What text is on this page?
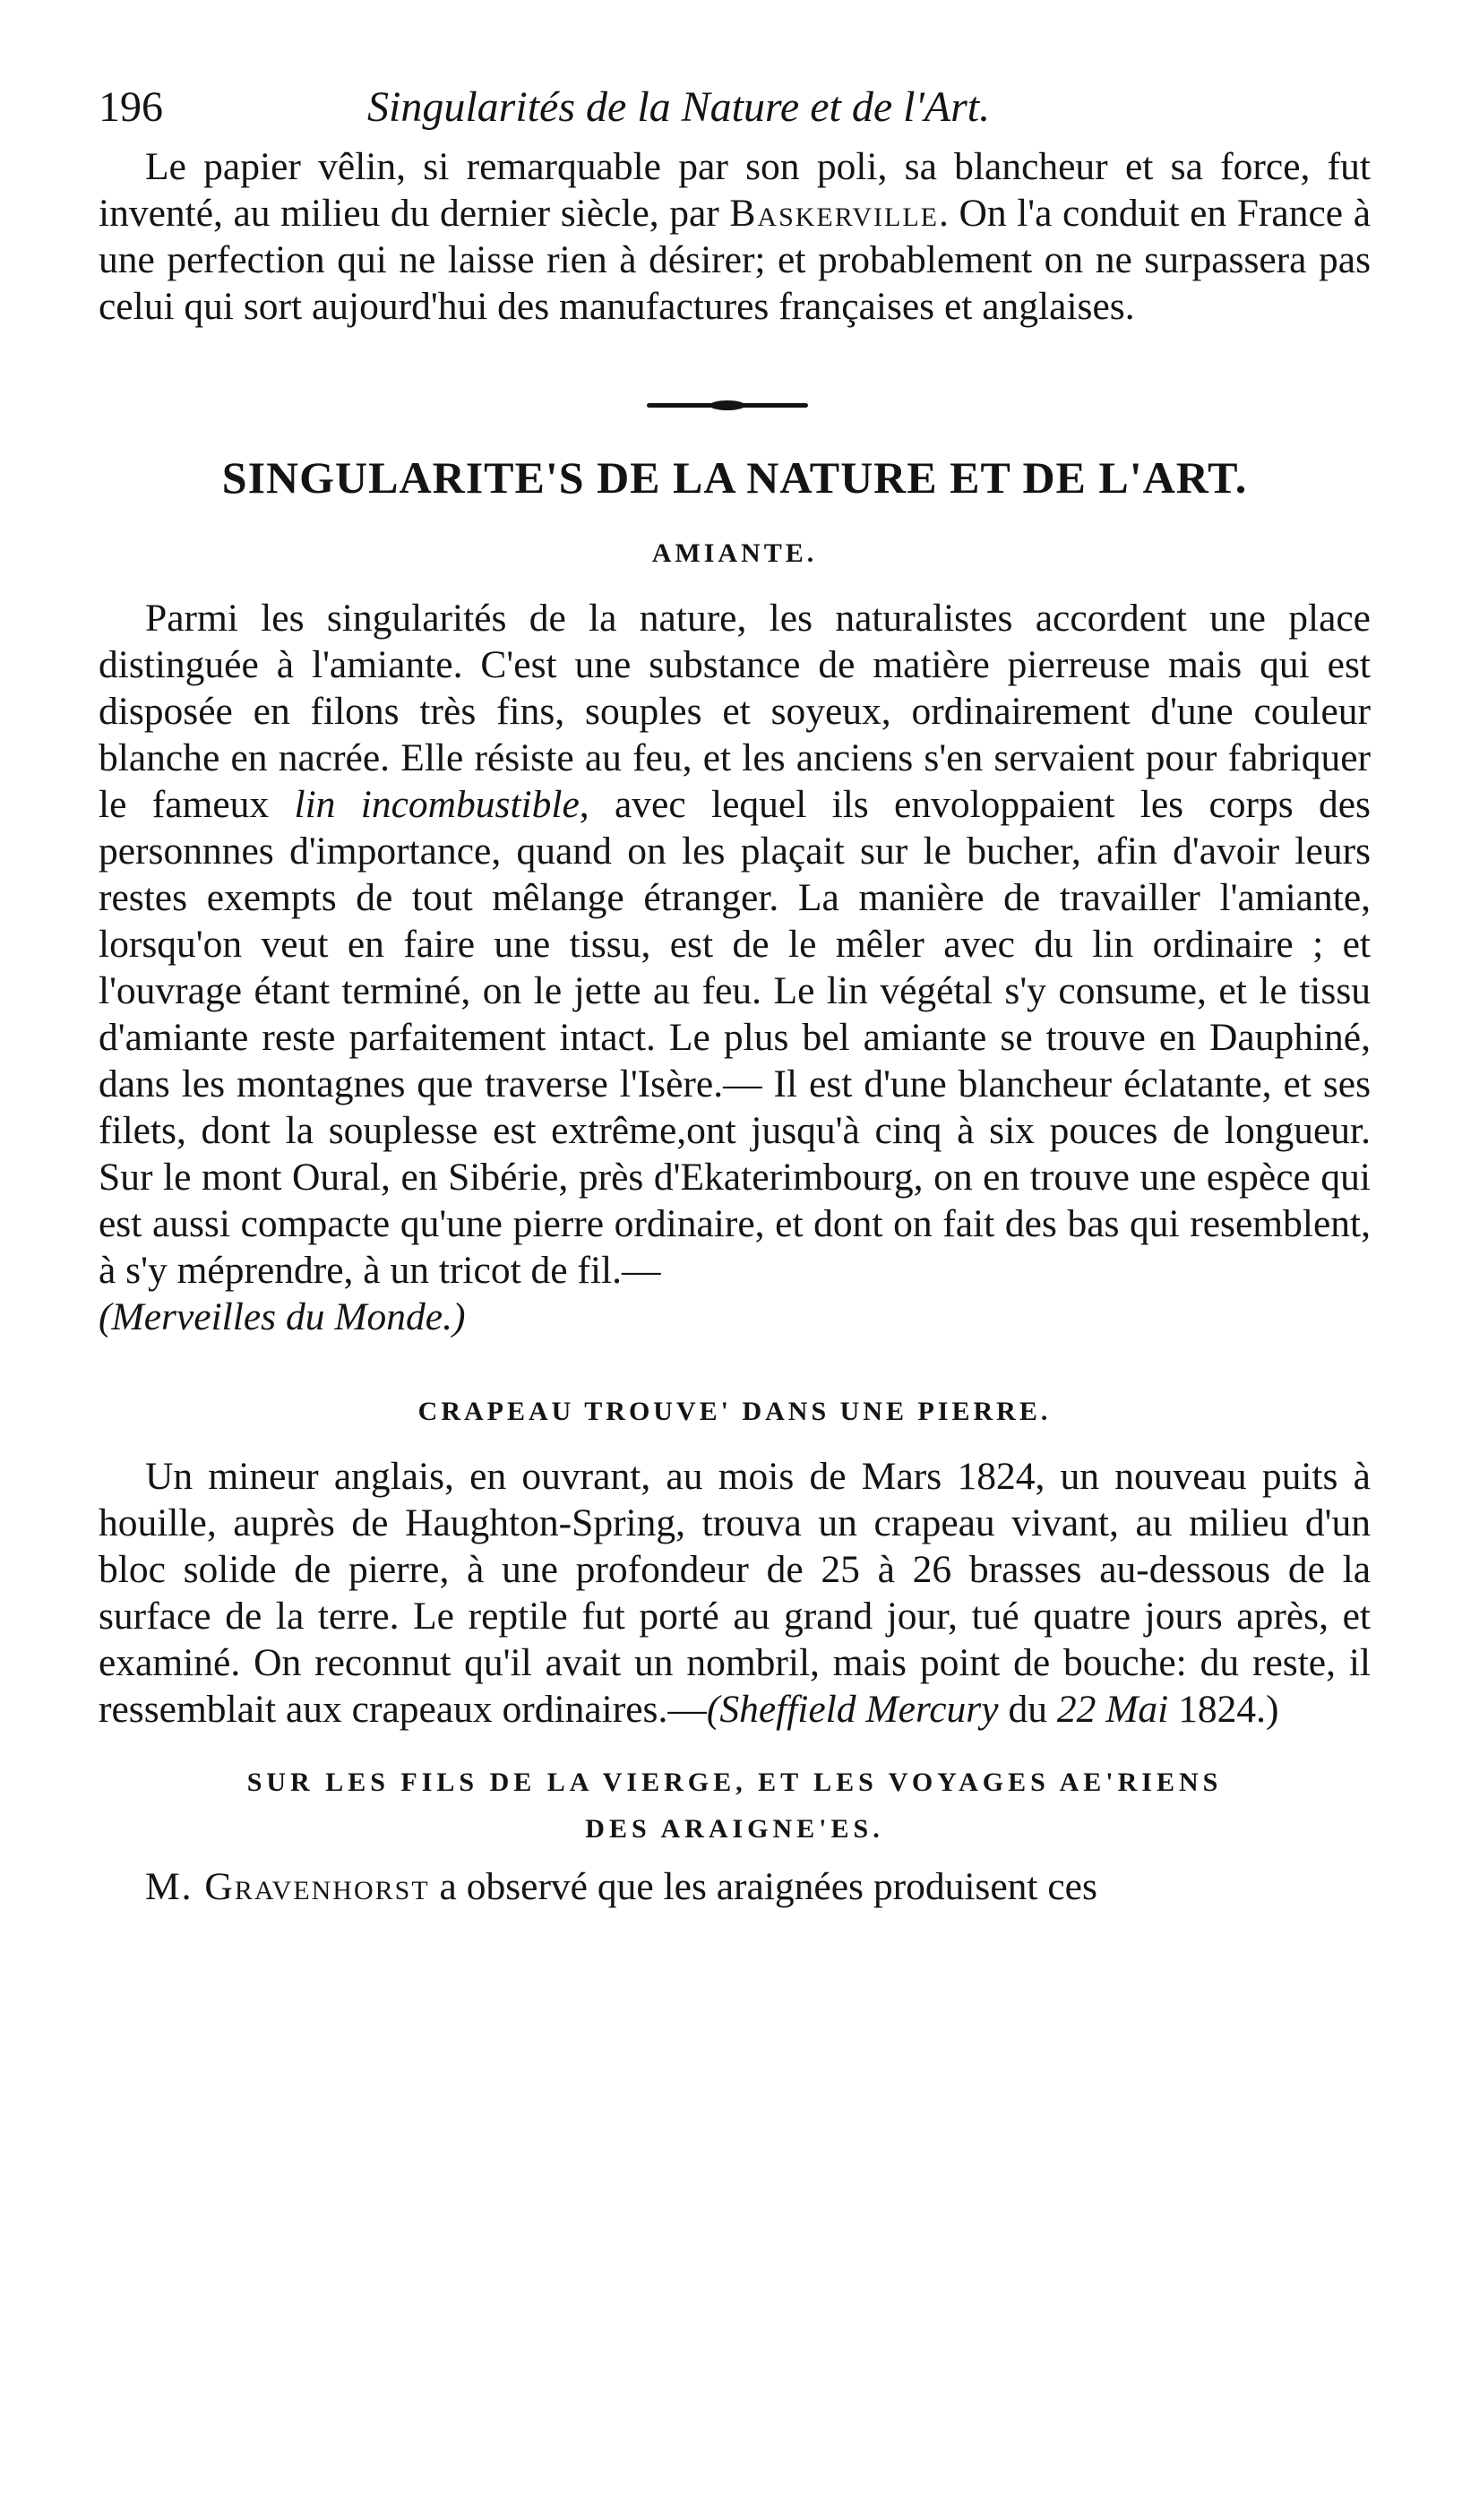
196	Singularités de la Nature et de l'Art.

Le papier vêlin, si remarquable par son poli, sa blancheur et sa force, fut inventé, au milieu du dernier siècle, par Baskerville. On l'a conduit en France à une perfection qui ne laisse rien à désirer; et probablement on ne surpassera pas celui qui sort aujourd'hui des manufactures françaises et anglaises.

SINGULARITE'S DE LA NATURE ET DE L'ART.
AMIANTE.

Parmi les singularités de la nature, les naturalistes accordent une place distinguée à l'amiante. C'est une substance de matière pierreuse mais qui est disposée en filons très fins, souples et soyeux, ordinairement d'une couleur blanche en nacrée. Elle résiste au feu, et les anciens s'en servaient pour fabriquer le fameux lin incombustible, avec lequel ils envoloppaient les corps des personnnes d'importance, quand on les plaçait sur le bucher, afin d'avoir leurs restes exempts de tout mêlange étranger. La manière de travailler l'amiante, lorsqu'on veut en faire une tissu, est de le mêler avec du lin ordinaire ; et l'ouvrage étant terminé, on le jette au feu. Le lin végétal s'y consume, et le tissu d'amiante reste parfaitement intact. Le plus bel amiante se trouve en Dauphiné, dans les montagnes que traverse l'Isère.— Il est d'une blancheur éclatante, et ses filets, dont la souplesse est extrême,ont jusqu'à cinq à six pouces de longueur. Sur le mont Oural, en Sibérie, près d'Ekaterimbourg, on en trouve une espèce qui est aussi compacte qu'une pierre ordinaire, et dont on fait des bas qui resemblent, à s'y méprendre, à un tricot de fil.—
(Merveilles du Monde.)

CRAPEAU TROUVE' DANS UNE PIERRE.

Un mineur anglais, en ouvrant, au mois de Mars 1824, un nouveau puits à houille, auprès de Haughton-Spring, trouva un crapeau vivant, au milieu d'un bloc solide de pierre, à une profondeur de 25 à 26 brasses au-dessous de la surface de la terre. Le reptile fut porté au grand jour, tué quatre jours après, et examiné. On reconnut qu'il avait un nombril, mais point de bouche: du reste, il ressemblait aux crapeaux ordinaires.—(Sheffield Mercury du 22 Mai 1824.)

SUR LES FILS DE LA VIERGE, ET LES VOYAGES AE'RIENS
DES ARAIGNE'ES.

M. Gravenhorst a observé que les araignées produisent ces
